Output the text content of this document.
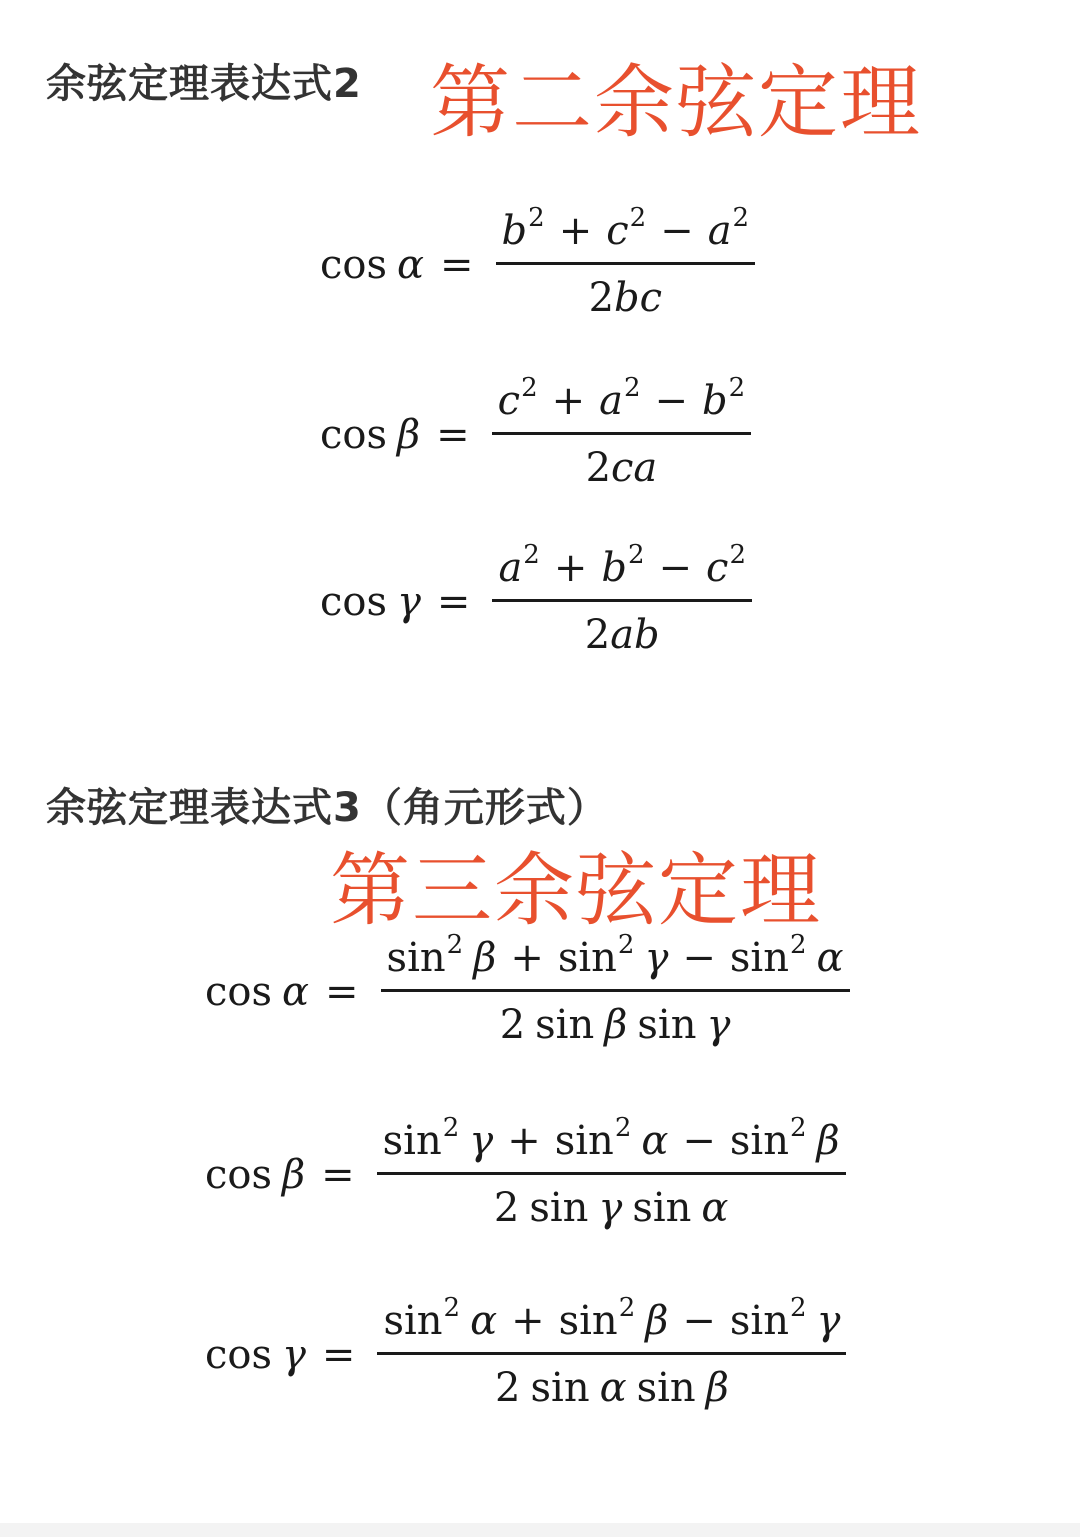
余弦定理表达式2 第二余弦定理
$\cos \alpha = \frac{b 2 + c 2 - a 2}{2 bc}$
$\cos \beta = \frac{c 2 + a 2 - b 2}{2 ca}$
$\cos \gamma = \frac{a 2 + b 2 - c 2}{2 ab}$
余弦定理表达式3（角元形式）
第三余弦定理
$\cos \alpha = \frac{\sin 2 \beta + \sin 2 \gamma - \sin 2 \alpha}{\text{2 sin β sin γ}}$
$\cos \beta = \frac{\sin 2 \gamma + \sin 2 \alpha - \sin 2 \beta}{\text{2 sin γ sin α}}$
$\cos \gamma = \frac{\sin 2 \alpha + \sin 2 \beta - \sin 2 \gamma}{\text{2 sin α sin β}}$
